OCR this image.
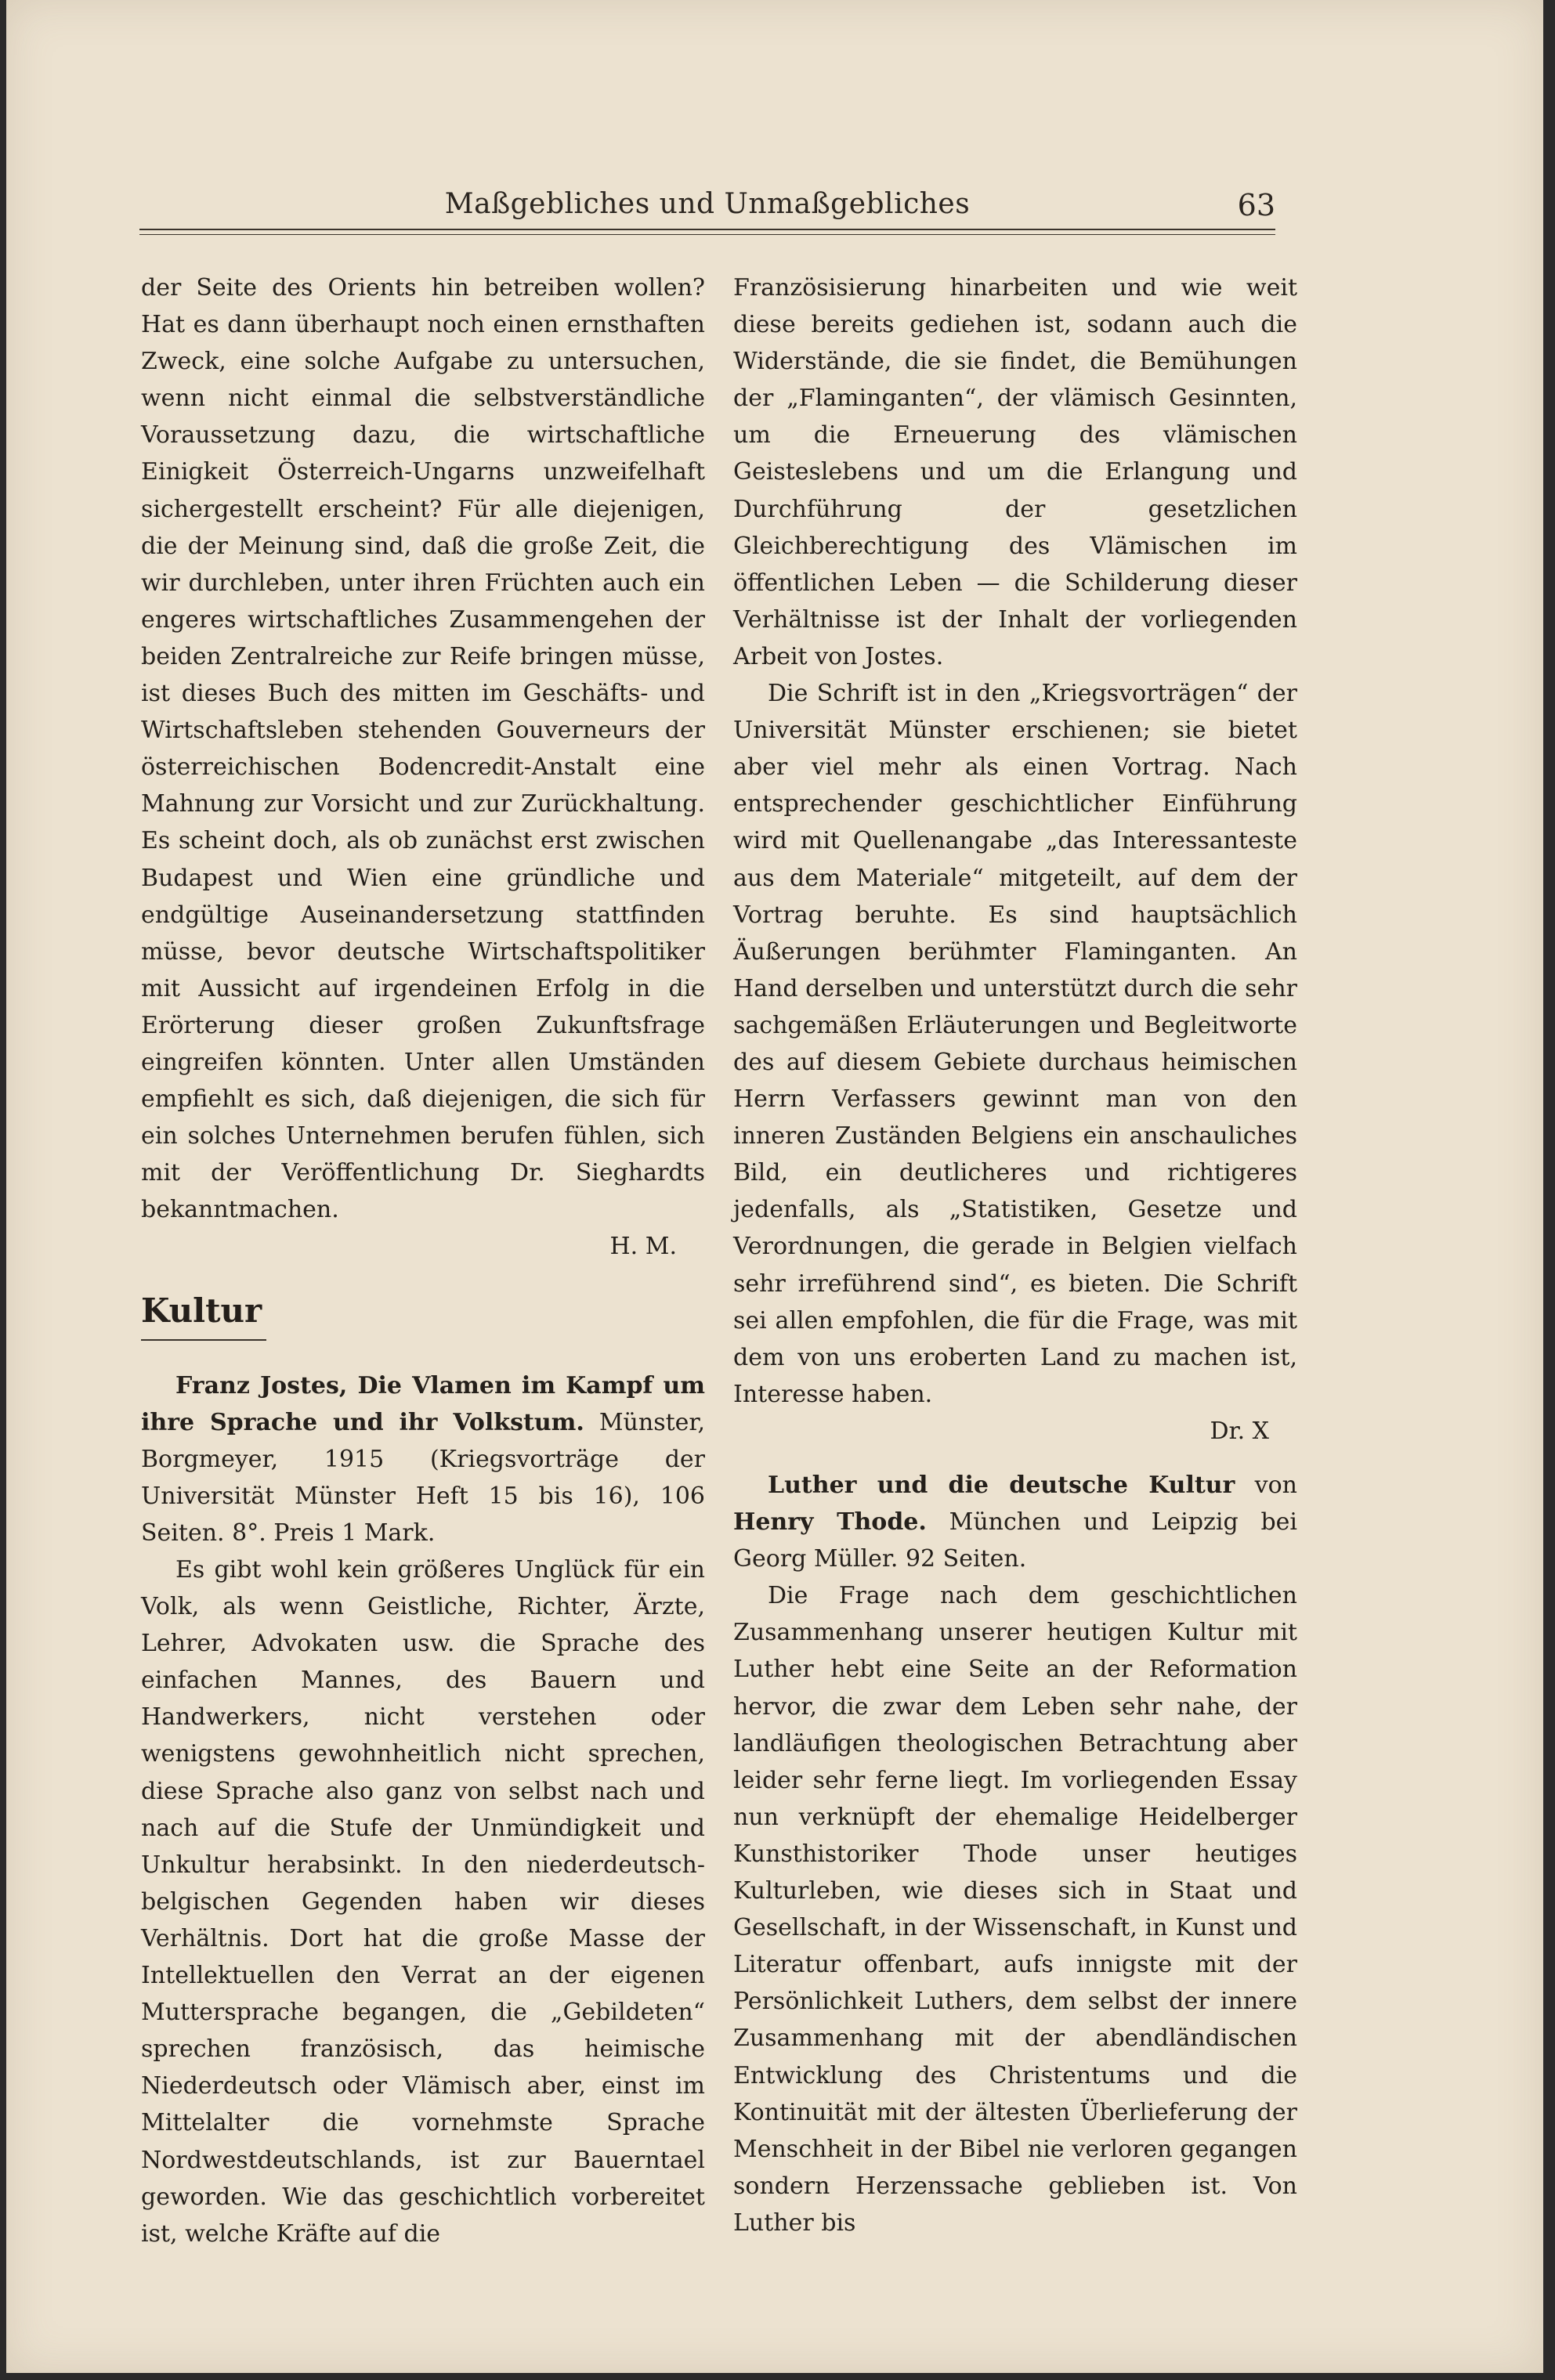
Maßgebliches und Unmaßgebliches	63

der Seite des Orients hin betreiben wollen? Hat es dann überhaupt noch einen ernsthaften Zweck, eine solche Aufgabe zu untersuchen, wenn nicht einmal die selbstverständliche Voraussetzung dazu, die wirtschaftliche Einigkeit Österreich-Ungarns unzweifelhaft sichergestellt erscheint? Für alle diejenigen, die der Meinung sind, daß die große Zeit, die wir durchleben, unter ihren Früchten auch ein engeres wirtschaftliches Zusammengehen der beiden Zentralreiche zur Reife bringen müsse, ist dieses Buch des mitten im Geschäfts- und Wirtschaftsleben stehenden Gouverneurs der österreichischen Bodencredit-Anstalt eine Mahnung zur Vorsicht und zur Zurückhaltung. Es scheint doch, als ob zunächst erst zwischen Budapest und Wien eine gründliche und endgültige Auseinandersetzung stattfinden müsse, bevor deutsche Wirtschaftspolitiker mit Aussicht auf irgendeinen Erfolg in die Erörterung dieser großen Zukunftsfrage eingreifen könnten. Unter allen Umständen empfiehlt es sich, daß diejenigen, die sich für ein solches Unternehmen berufen fühlen, sich mit der Veröffentlichung Dr. Sieghardts bekanntmachen.

H. M.

Kultur

Franz Jostes, Die Vlamen im Kampf um ihre Sprache und ihr Volkstum. Münster, Borgmeyer, 1915 (Kriegsvorträge der Universität Münster Heft 15 bis 16), 106 Seiten. 8°. Preis 1 Mark.

Es gibt wohl kein größeres Unglück für ein Volk, als wenn Geistliche, Richter, Ärzte, Lehrer, Advokaten usw. die Sprache des einfachen Mannes, des Bauern und Handwerkers, nicht verstehen oder wenigstens gewohnheitlich nicht sprechen, diese Sprache also ganz von selbst nach und nach auf die Stufe der Unmündigkeit und Unkultur herabsinkt. In den niederdeutsch-belgischen Gegenden haben wir dieses Verhältnis. Dort hat die große Masse der Intellektuellen den Verrat an der eigenen Muttersprache begangen, die „Gebildeten“ sprechen französisch, das heimische Niederdeutsch oder Vlämisch aber, einst im Mittelalter die vornehmste Sprache Nordwestdeutschlands, ist zur Bauerntael geworden. Wie das geschichtlich vorbereitet ist, welche Kräfte auf die

Französisierung hinarbeiten und wie weit diese bereits gediehen ist, sodann auch die Widerstände, die sie findet, die Bemühungen der „Flaminganten“, der vlämisch Gesinnten, um die Erneuerung des vlämischen Geisteslebens und um die Erlangung und Durchführung der gesetzlichen Gleichberechtigung des Vlämischen im öffentlichen Leben — die Schilderung dieser Verhältnisse ist der Inhalt der vorliegenden Arbeit von Jostes.

Die Schrift ist in den „Kriegsvorträgen“ der Universität Münster erschienen; sie bietet aber viel mehr als einen Vortrag. Nach entsprechender geschichtlicher Einführung wird mit Quellenangabe „das Interessanteste aus dem Materiale“ mitgeteilt, auf dem der Vortrag beruhte. Es sind hauptsächlich Äußerungen berühmter Flaminganten. An Hand derselben und unterstützt durch die sehr sachgemäßen Erläuterungen und Begleitworte des auf diesem Gebiete durchaus heimischen Herrn Verfassers gewinnt man von den inneren Zuständen Belgiens ein anschauliches Bild, ein deutlicheres und richtigeres jedenfalls, als „Statistiken, Gesetze und Verordnungen, die gerade in Belgien vielfach sehr irreführend sind“, es bieten. Die Schrift sei allen empfohlen, die für die Frage, was mit dem von uns eroberten Land zu machen ist, Interesse haben.

Dr. X

Luther und die deutsche Kultur von Henry Thode. München und Leipzig bei Georg Müller. 92 Seiten.

Die Frage nach dem geschichtlichen Zusammenhang unserer heutigen Kultur mit Luther hebt eine Seite an der Reformation hervor, die zwar dem Leben sehr nahe, der landläufigen theologischen Betrachtung aber leider sehr ferne liegt. Im vorliegenden Essay nun verknüpft der ehemalige Heidelberger Kunsthistoriker Thode unser heutiges Kulturleben, wie dieses sich in Staat und Gesellschaft, in der Wissenschaft, in Kunst und Literatur offenbart, aufs innigste mit der Persönlichkeit Luthers, dem selbst der innere Zusammenhang mit der abendländischen Entwicklung des Christentums und die Kontinuität mit der ältesten Überlieferung der Menschheit in der Bibel nie verloren gegangen sondern Herzenssache geblieben ist. Von Luther bis
